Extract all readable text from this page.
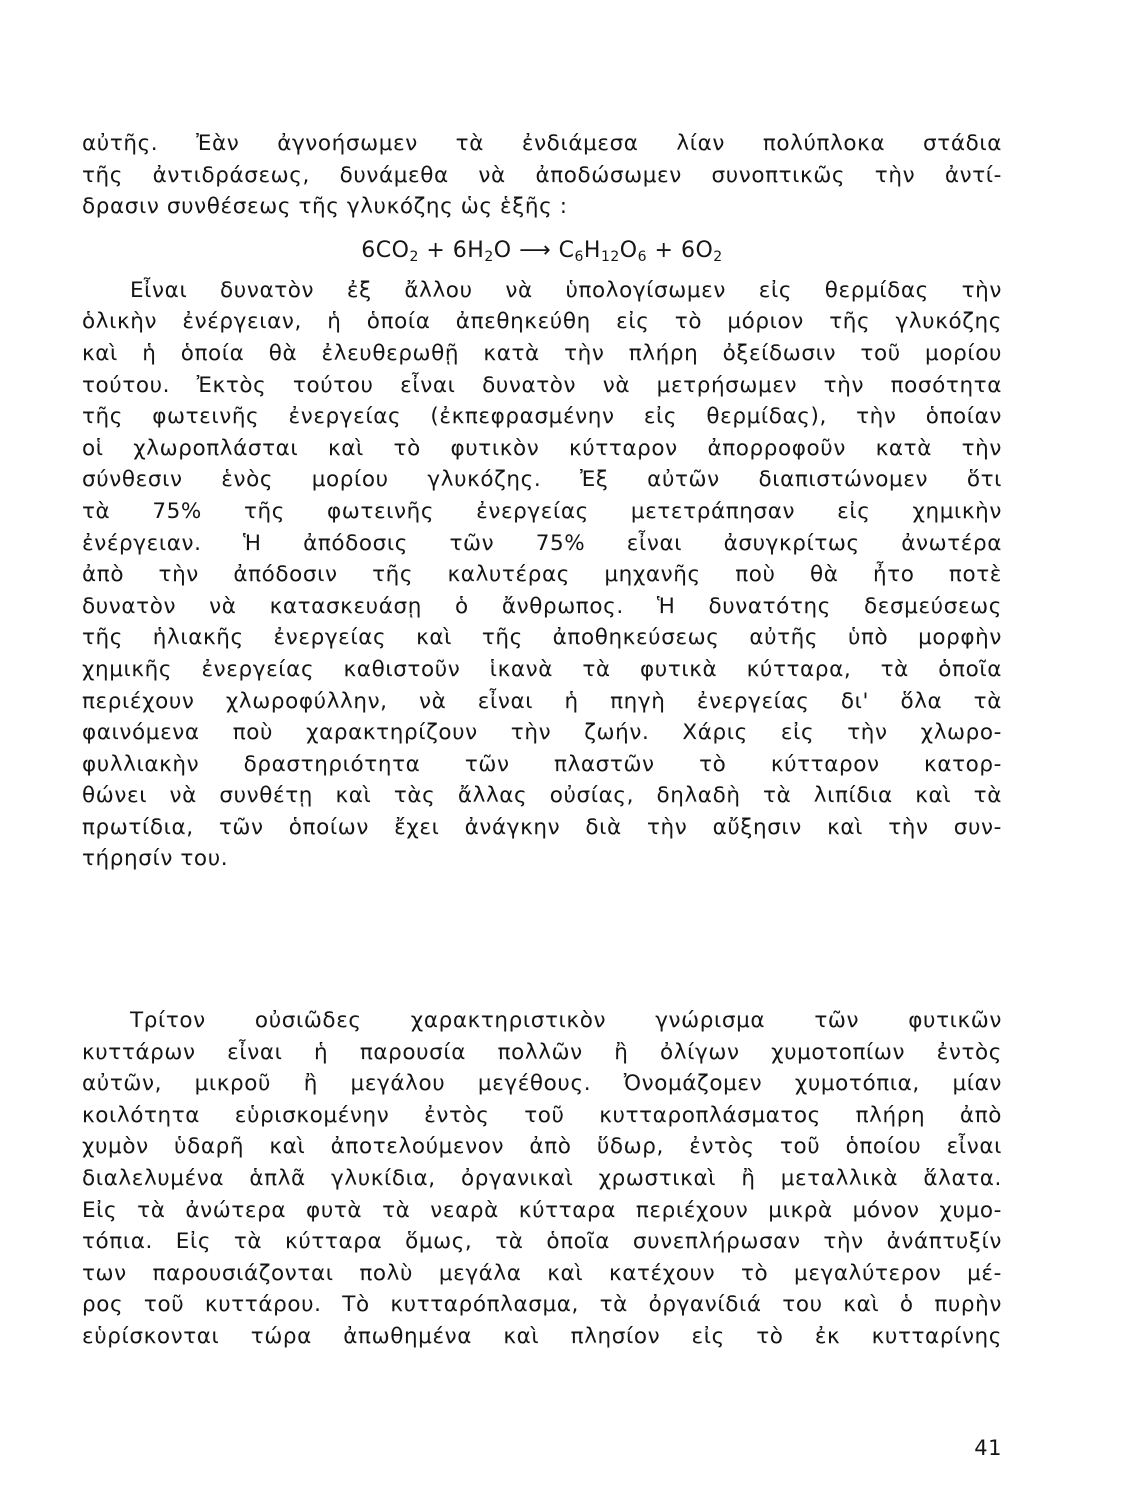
αὐτῆς. Ἐὰν ἀγνοήσωμεν τὰ ἐνδιάμεσα λίαν πολύπλοκα στάδια
τῆς ἀντιδράσεως, δυνάμεθα νὰ ἀποδώσωμεν συνοπτικῶς τὴν ἀντί-
δρασιν συνθέσεως τῆς γλυκόζης ὡς ἑξῆς :
$6CO_2 + 6H_2O$ ⟶ $C_6H_{12}O_6 + 6O_2$
Εἶναι δυνατὸν ἐξ ἄλλου νὰ ὑπολογίσωμεν εἰς θερμίδας τὴν
ὁλικὴν ἐνέργειαν, ἡ ὁποία ἀπεθηκεύθη εἰς τὸ μόριον τῆς γλυκόζης
καὶ ἡ ὁποία θὰ ἐλευθερωθῇ κατὰ τὴν πλήρη ὀξείδωσιν τοῦ μορίου
τούτου. Ἐκτὸς τούτου εἶναι δυνατὸν νὰ μετρήσωμεν τὴν ποσότητα
τῆς φωτεινῆς ἐνεργείας (ἐκπεφρασμένην εἰς θερμίδας), τὴν ὁποίαν
οἱ χλωροπλάσται καὶ τὸ φυτικὸν κύτταρον ἀπορροφοῦν κατὰ τὴν
σύνθεσιν ἑνὸς μορίου γλυκόζης. Ἐξ αὐτῶν διαπιστώνομεν ὅτι
τὰ 75% τῆς φωτεινῆς ἐνεργείας μετετράπησαν εἰς χημικὴν
ἐνέργειαν. Ἡ ἀπόδοσις τῶν 75% εἶναι ἀσυγκρίτως ἀνωτέρα
ἀπὸ τὴν ἀπόδοσιν τῆς καλυτέρας μηχανῆς ποὺ θὰ ἦτο ποτὲ
δυνατὸν νὰ κατασκευάσῃ ὁ ἄνθρωπος. Ἡ δυνατότης δεσμεύσεως
τῆς ἡλιακῆς ἐνεργείας καὶ τῆς ἀποθηκεύσεως αὐτῆς ὑπὸ μορφὴν
χημικῆς ἐνεργείας καθιστοῦν ἱκανὰ τὰ φυτικὰ κύτταρα, τὰ ὁποῖα
περιέχουν χλωροφύλλην, νὰ εἶναι ἡ πηγὴ ἐνεργείας δι' ὅλα τὰ
φαινόμενα ποὺ χαρακτηρίζουν τὴν ζωήν. Χάρις εἰς τὴν χλωρο-
φυλλιακὴν δραστηριότητα τῶν πλαστῶν τὸ κύτταρον κατορ-
θώνει νὰ συνθέτῃ καὶ τὰς ἄλλας οὐσίας, δηλαδὴ τὰ λιπίδια καὶ τὰ
πρωτίδια, τῶν ὁποίων ἔχει ἀνάγκην διὰ τὴν αὔξησιν καὶ τὴν συν-
τήρησίν του.
Τρίτον οὐσιῶδες χαρακτηριστικὸν γνώρισμα τῶν φυτικῶν
κυττάρων εἶναι ἡ παρουσία πολλῶν ἢ ὀλίγων χυμοτοπίων ἐντὸς
αὐτῶν, μικροῦ ἢ μεγάλου μεγέθους. Ὀνομάζομεν χυμοτόπια, μίαν
κοιλότητα εὑρισκομένην ἐντὸς τοῦ κυτταροπλάσματος πλήρη ἀπὸ
χυμὸν ὑδαρῆ καὶ ἀποτελούμενον ἀπὸ ὕδωρ, ἐντὸς τοῦ ὁποίου εἶναι
διαλελυμένα ἁπλᾶ γλυκίδια, ὀργανικαὶ χρωστικαὶ ἢ μεταλλικὰ ἅλατα.
Εἰς τὰ ἀνώτερα φυτὰ τὰ νεαρὰ κύτταρα περιέχουν μικρὰ μόνον χυμο-
τόπια. Εἰς τὰ κύτταρα ὅμως, τὰ ὁποῖα συνεπλήρωσαν τὴν ἀνάπτυξίν
των παρουσιάζονται πολὺ μεγάλα καὶ κατέχουν τὸ μεγαλύτερον μέ-
ρος τοῦ κυττάρου. Τὸ κυτταρόπλασμα, τὰ ὀργανίδιά του καὶ ὁ πυρὴν
εὑρίσκονται τώρα ἀπωθημένα καὶ πλησίον εἰς τὸ ἐκ κυτταρίνης
41
